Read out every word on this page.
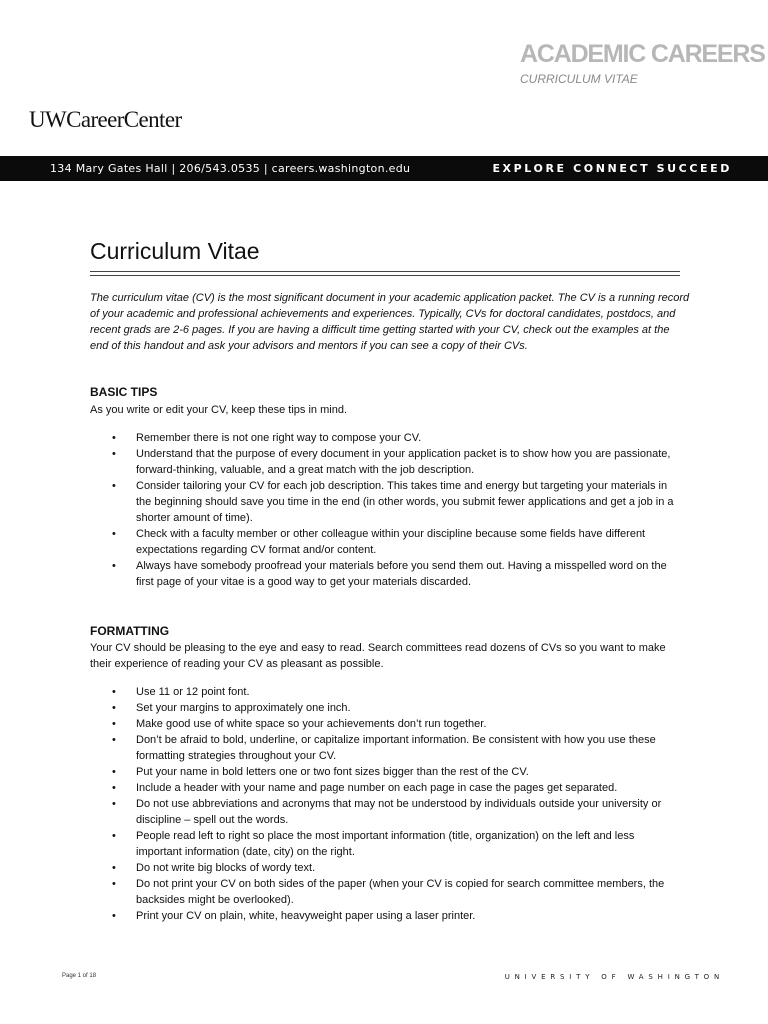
ACADEMIC CAREERS
CURRICULUM VITAE
UWCareerCenter
134 Mary Gates Hall | 206/543.0535 | careers.washington.edu	EXPLORE CONNECT SUCCEED
Curriculum Vitae

The curriculum vitae (CV) is the most significant document in your academic application packet. The CV is a running record of your academic and professional achievements and experiences. Typically, CVs for doctoral candidates, postdocs, and recent grads are 2-6 pages. If you are having a difficult time getting started with your CV, check out the examples at the end of this handout and ask your advisors and mentors if you can see a copy of their CVs.

BASIC TIPS

As you write or edit your CV, keep these tips in mind.

• Remember there is not one right way to compose your CV.
• Understand that the purpose of every document in your application packet is to show how you are passionate, forward-thinking, valuable, and a great match with the job description.
• Consider tailoring your CV for each job description. This takes time and energy but targeting your materials in the beginning should save you time in the end (in other words, you submit fewer applications and get a job in a shorter amount of time).
• Check with a faculty member or other colleague within your discipline because some fields have different expectations regarding CV format and/or content.
• Always have somebody proofread your materials before you send them out. Having a misspelled word on the first page of your vitae is a good way to get your materials discarded.
FORMATTING

Your CV should be pleasing to the eye and easy to read. Search committees read dozens of CVs so you want to make their experience of reading your CV as pleasant as possible.

• Use 11 or 12 point font.
• Set your margins to approximately one inch.
• Make good use of white space so your achievements don’t run together.
• Don’t be afraid to bold, underline, or capitalize important information. Be consistent with how you use these formatting strategies throughout your CV.
• Put your name in bold letters one or two font sizes bigger than the rest of the CV.
• Include a header with your name and page number on each page in case the pages get separated.
• Do not use abbreviations and acronyms that may not be understood by individuals outside your university or discipline – spell out the words.
• People read left to right so place the most important information (title, organization) on the left and less important information (date, city) on the right.
• Do not write big blocks of wordy text.
• Do not print your CV on both sides of the paper (when your CV is copied for search committee members, the backsides might be overlooked).
• Print your CV on plain, white, heavyweight paper using a laser printer.
Page 1 of 18	UNIVERSITY OF WASHINGTON
